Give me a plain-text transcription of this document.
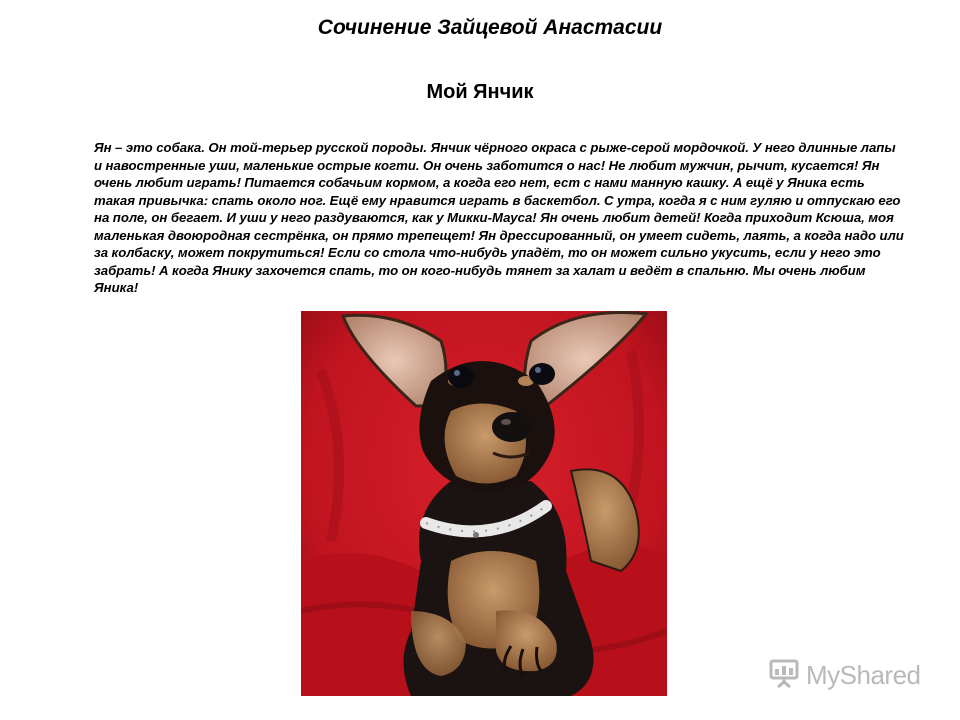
Сочинение Зайцевой Анастасии
Мой Янчик

Ян – это собака. Он той-терьер русской породы. Янчик чёрного окраса с рыже-серой мордочкой. У него длинные лапы и навостренные уши, маленькие острые когти. Он очень заботится о нас! Не любит мужчин, рычит, кусается! Ян очень любит играть! Питается собачьим кормом, а когда его нет, ест с нами манную кашку. А ещё у Яника есть такая привычка: спать около ног. Ещё ему нравится играть в баскетбол. С утра, когда я с ним гуляю и отпускаю его на поле, он бегает. И уши у него раздуваются, как у Микки-Мауса! Ян очень любит детей! Когда приходит Ксюша, моя маленькая двоюродная сестрёнка, он прямо трепещет! Ян дрессированный, он умеет сидеть, лаять, а когда надо или за колбаску, может покрутиться! Если со стола что-нибудь упадёт, то он может сильно укусить, если у него это забрать! А когда Янику захочется спать, то он кого-нибудь тянет за халат и ведёт в спальню. Мы очень любим Яника!

MyShared
